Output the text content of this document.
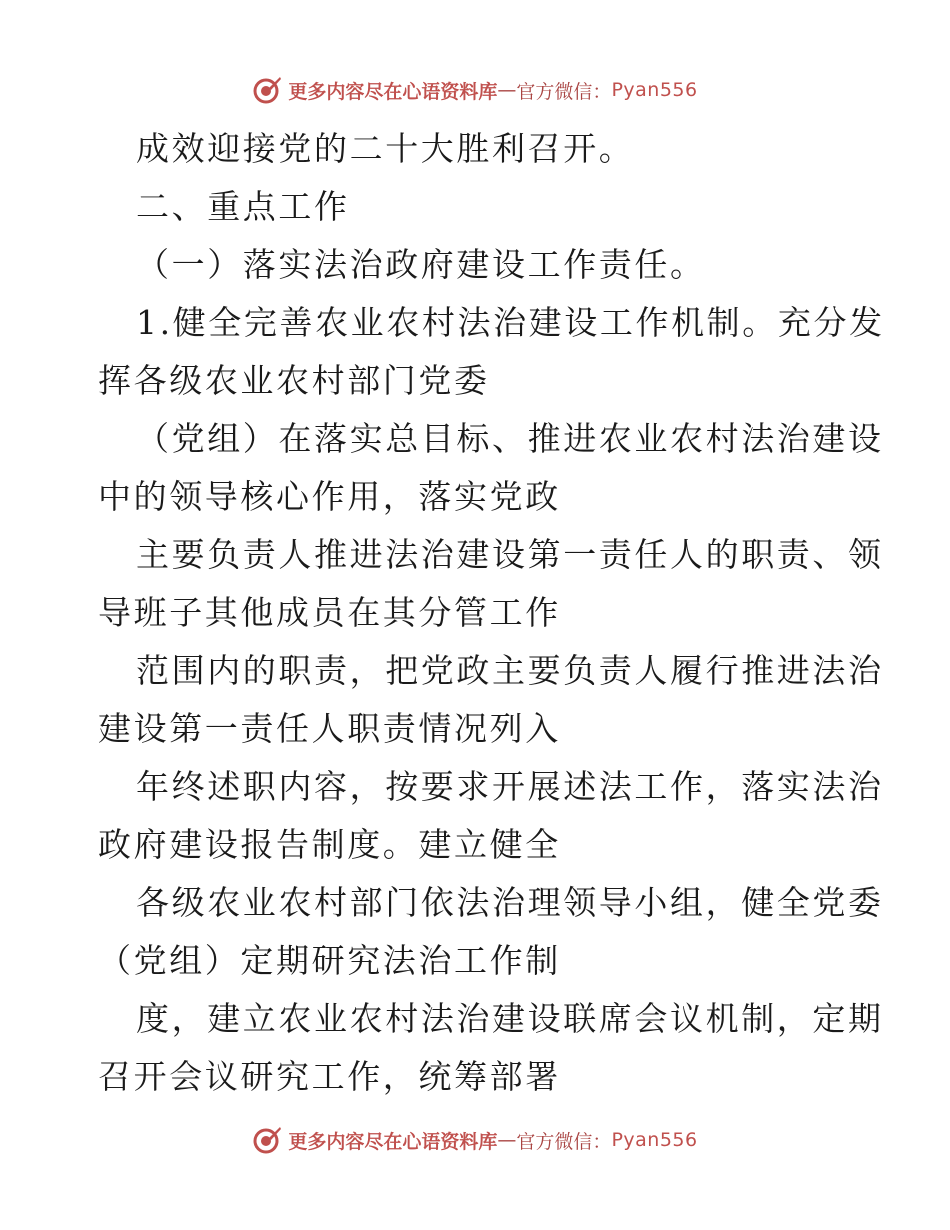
更多内容尽在心语资料库 — 官方微信： Pyan556
成效迎接党的二十大胜利召开。
二、重点工作
（一）落实法治政府建设工作责任。
1.健全完善农业农村法治建设工作机制。充分发
挥各级农业农村部门党委
（党组）在落实总目标、推进农业农村法治建设
中的领导核心作用，落实党政
主要负责人推进法治建设第一责任人的职责、领
导班子其他成员在其分管工作
范围内的职责，把党政主要负责人履行推进法治
建设第一责任人职责情况列入
年终述职内容，按要求开展述法工作，落实法治
政府建设报告制度。建立健全
各级农业农村部门依法治理领导小组，健全党委
（党组）定期研究法治工作制
度，建立农业农村法治建设联席会议机制，定期
召开会议研究工作，统筹部署
更多内容尽在心语资料库 — 官方微信： Pyan556
